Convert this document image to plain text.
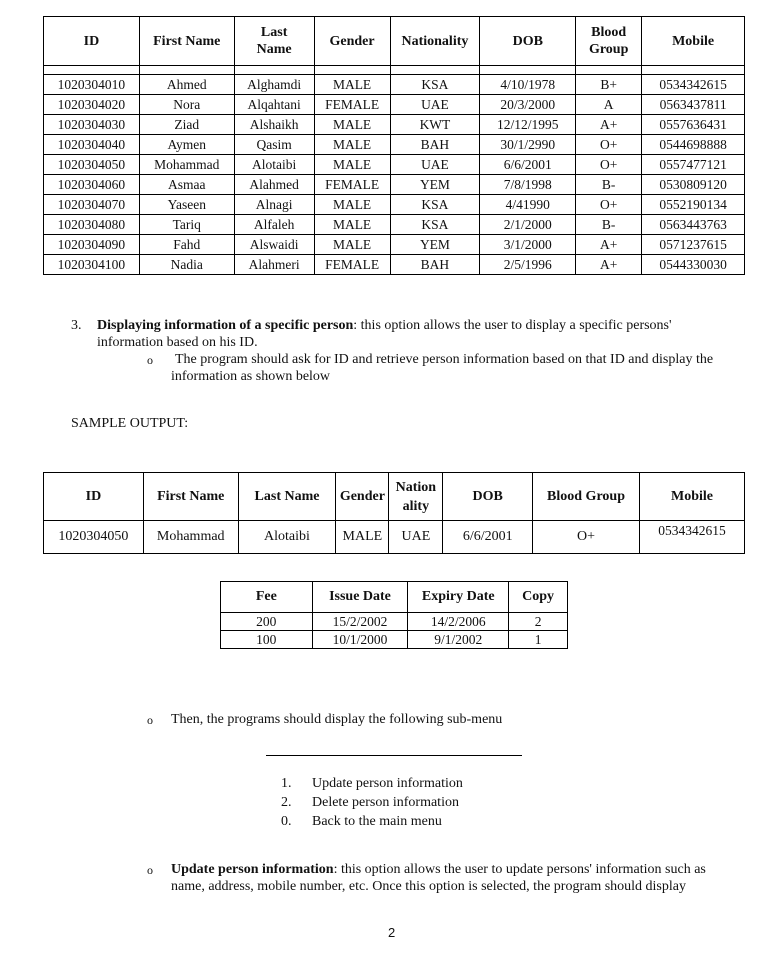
ID	First Name	Last Name	Gender	Nationality	DOB	Blood Group	Mobile

1020304010	Ahmed	Alghamdi	MALE	KSA	4/10/1978	B+	0534342615
1020304020	Nora	Alqahtani	FEMALE	UAE	20/3/2000	A	0563437811
1020304030	Ziad	Alshaikh	MALE	KWT	12/12/1995	A+	0557636431
1020304040	Aymen	Qasim	MALE	BAH	30/1/2990	O+	0544698888
1020304050	Mohammad	Alotaibi	MALE	UAE	6/6/2001	O+	0557477121
1020304060	Asmaa	Alahmed	FEMALE	YEM	7/8/1998	B-	0530809120
1020304070	Yaseen	Alnagi	MALE	KSA	4/41990	O+	0552190134
1020304080	Tariq	Alfaleh	MALE	KSA	2/1/2000	B-	0563443763
1020304090	Fahd	Alswaidi	MALE	YEM	3/1/2000	A+	0571237615
1020304100	Nadia	Alahmeri	FEMALE	BAH	2/5/1996	A+	0544330030
3. Displaying information of a specific person: this option allows the user to display a specific persons' information based on his ID.
o The program should ask for ID and retrieve person information based on that ID and display the information as shown below
SAMPLE OUTPUT:
ID	First Name	Last Name	Gender	Nationality	DOB	Blood Group	Mobile
1020304050	Mohammad	Alotaibi	MALE	UAE	6/6/2001	O+	0534342615
Fee	Issue Date	Expiry Date	Copy
200	15/2/2002	14/2/2006	2
100	10/1/2000	9/1/2002	1
o Then, the programs should display the following sub-menu
1. Update person information
2. Delete person information
0. Back to the main menu
o Update person information: this option allows the user to update persons' information such as name, address, mobile number, etc. Once this option is selected, the program should display
2
